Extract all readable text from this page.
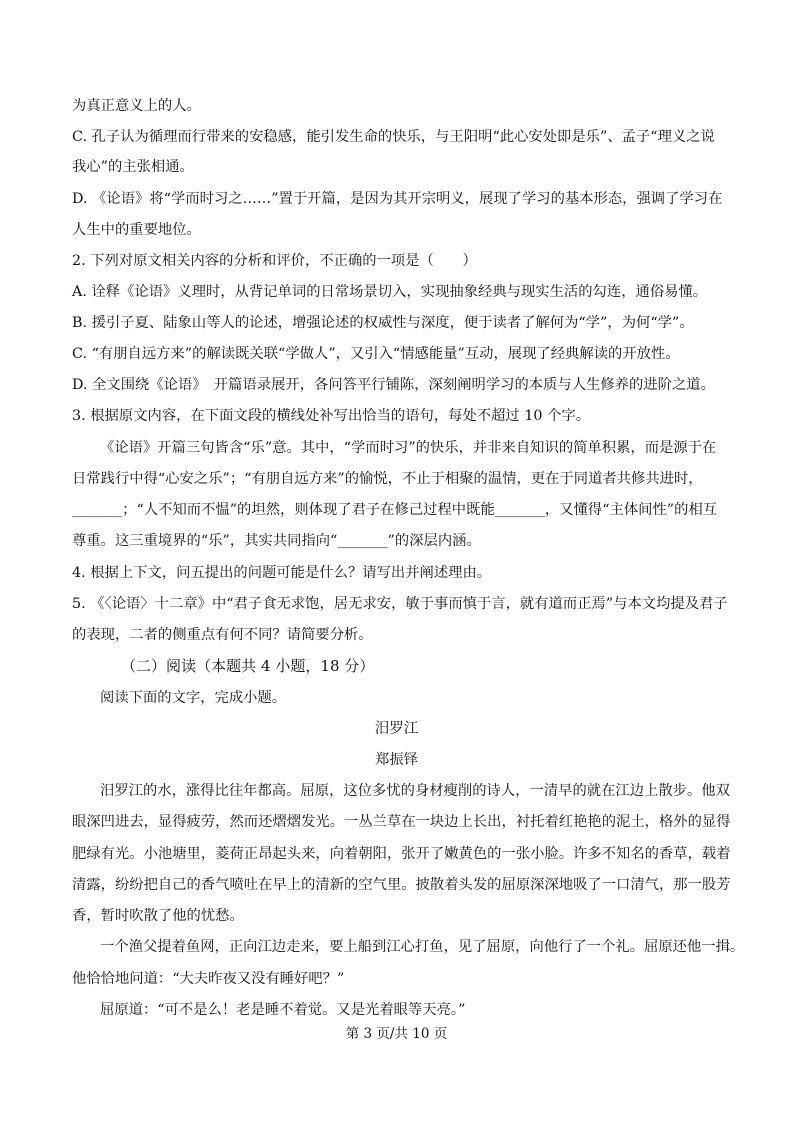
为真正意义上的人。
C. 孔子认为循理而行带来的安稳感，能引发生命的快乐，与王阳明“此心安处即是乐”、孟子“理义之说
我心”的主张相通。
D. 《论语》将“学而时习之……”置于开篇，是因为其开宗明义，展现了学习的基本形态，强调了学习在
人生中的重要地位。
2. 下列对原文相关内容的分析和评价，不正确的一项是（　　）
A. 诠释《论语》义理时，从背记单词的日常场景切入，实现抽象经典与现实生活的勾连，通俗易懂。
B. 援引子夏、陆象山等人的论述，增强论述的权威性与深度，便于读者了解何为“学”，为何“学”。
C. “有朋自远方来”的解读既关联“学做人”，又引入“情感能量”互动，展现了经典解读的开放性。
D. 全文围绕《论语》　开篇语录展开，各问答平行铺陈，深刻阐明学习的本质与人生修养的进阶之道。
3. 根据原文内容，在下面文段的横线处补写出恰当的语句，每处不超过 10 个字。
《论语》开篇三句皆含“乐”意。其中，“学而时习”的快乐，并非来自知识的简单积累，而是源于在
日常践行中得“心安之乐”；“有朋自远方来”的愉悦，不止于相聚的温情，更在于同道者共修共进时，
_______；“人不知而不愠”的坦然，则体现了君子在修己过程中既能_______，又懂得“主体间性”的相互
尊重。这三重境界的“乐”，其实共同指向“_______”的深层内涵。
4. 根据上下文，问五提出的问题可能是什么？请写出并阐述理由。
5. 《〈论语〉十二章》中“君子食无求饱，居无求安，敏于事而慎于言，就有道而正焉”与本文均提及君子
的表现，二者的侧重点有何不同？请简要分析。
（二）阅读（本题共 4 小题，18 分）
阅读下面的文字，完成小题。
汨罗江
郑振铎
汨罗江的水，涨得比往年都高。屈原，这位多忧的身材瘦削的诗人，一清早的就在江边上散步。他双
眼深凹进去，显得疲劳，然而还熠熠发光。一丛兰草在一块边上长出，衬托着红艳艳的泥土，格外的显得
肥绿有光。小池塘里，菱荷正昂起头来，向着朝阳，张开了嫩黄色的一张小脸。许多不知名的香草，载着
清露，纷纷把自己的香气喷吐在早上的清新的空气里。披散着头发的屈原深深地吸了一口清气，那一股芳
香，暂时吹散了他的忧愁。
一个渔父提着鱼网，正向江边走来，要上船到江心打鱼，见了屈原，向他行了一个礼。屈原还他一揖。
他恰恰地问道：“大夫昨夜又没有睡好吧？”
屈原道：“可不是么！老是睡不着觉。又是光着眼等天亮。”
第 3 页/共 10 页
